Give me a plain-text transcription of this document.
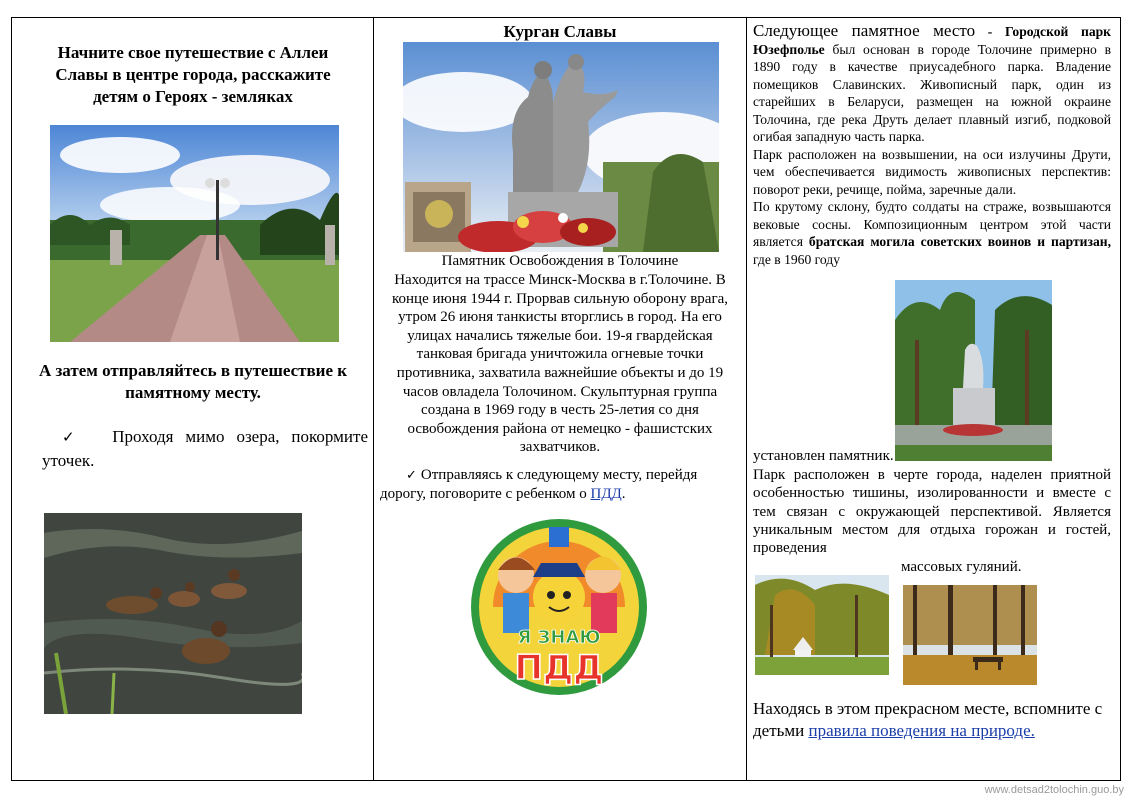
Начните свое путешествие с Аллеи Славы в центре города, расскажите детям о Героях - земляках
А затем отправляйтесь в путешествие к памятному месту.
✓ Проходя мимо озера, покормите уточек.
Курган Славы
Памятник Освобождения в Толочине
Находится на трассе Минск-Москва в г.Толочине. В конце июня 1944 г. Прорвав сильную оборону врага, утром 26 июня танкисты вторглись в город. На его улицах начались тяжелые бои. 19-я гвардейская танковая бригада уничтожила огневые точки противника, захватила важнейшие объекты и до 19 часов овладела Толочином. Скульптурная группа создана в 1969 году в честь 25-летия со дня освобождения района от немецко - фашистских захватчиков.
✓ Отправляясь к следующему месту, перейдя дорогу, поговорите с ребенком о ПДД.
Я ЗНАЮ
ПДД
Следующее памятное место - Городской парк Юзефполье был основан в городе Толочине примерно в 1890 году в качестве приусадебного парка. Владение помещиков Славинских. Живописный парк, один из старейших в Беларуси, размещен на южной окраине Толочина, где река Друть делает плавный изгиб, подковой огибая западную часть парка.
Парк расположен на возвышении, на оси излучины Друти, чем обеспечивается видимость живописных перспектив: поворот реки, речище, пойма, заречные дали.
По крутому склону, будто солдаты на страже, возвышаются вековые сосны. Композиционным центром этой части является братская могила советских воинов и партизан, где в 1960 году
установлен памятник.
Парк расположен в черте города, наделен приятной особенностью тишины, изолированности и вместе с тем связан с окружающей перспективой. Является уникальным местом для отдыха горожан и гостей, проведения
массовых гуляний.
Находясь в этом прекрасном месте, вспомните с детьми правила поведения на природе.
www.detsad2tolochin.guo.by
